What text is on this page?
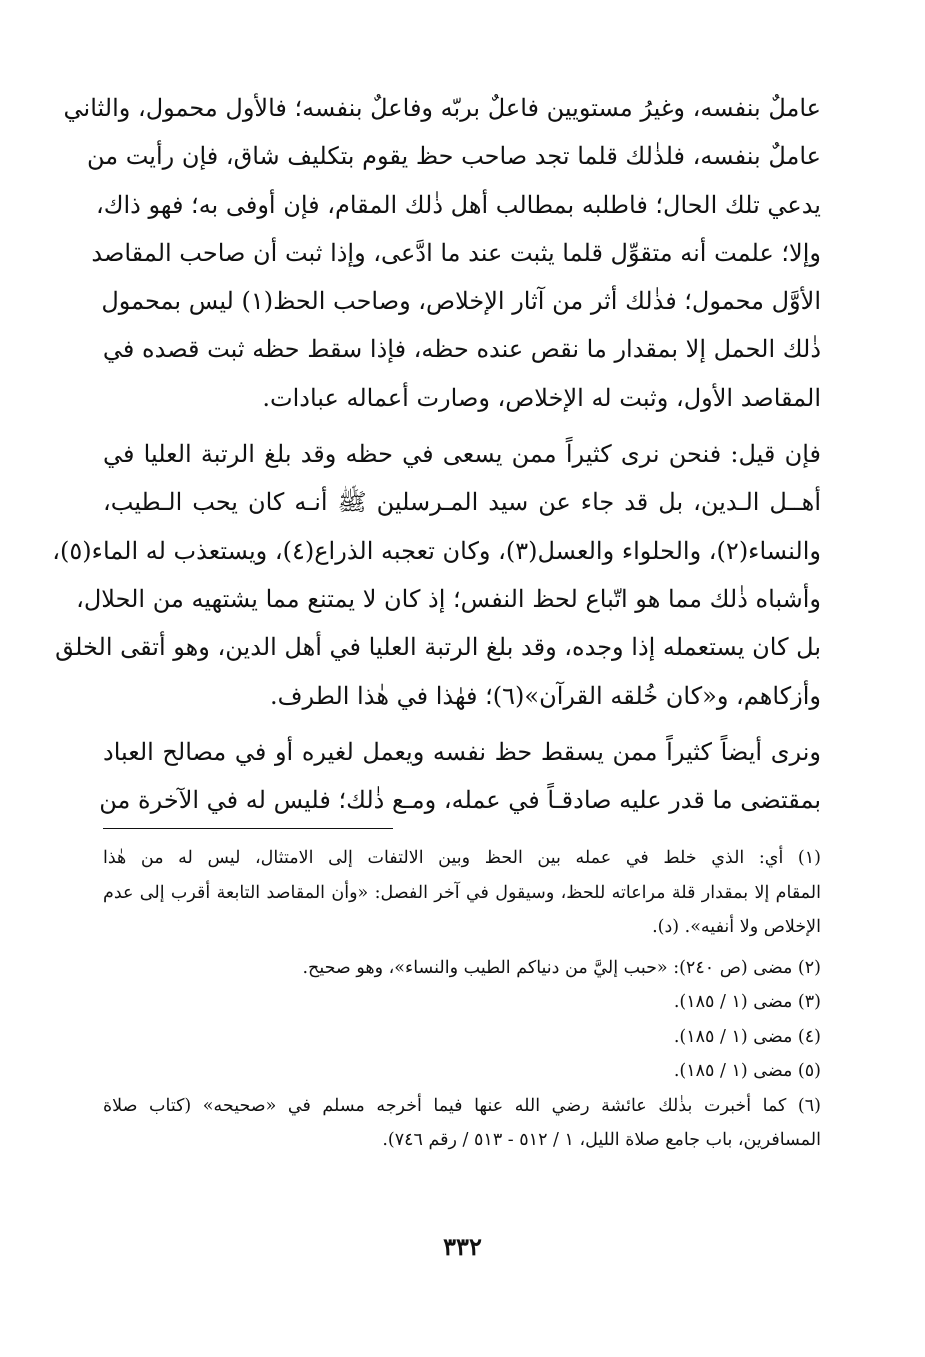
عاملٌ بنفسه، وغيرُ مستويين فاعلٌ بربّه وفاعلٌ بنفسه؛ فالأول محمول، والثاني
عاملٌ بنفسه، فلذٰلك قلما تجد صاحب حظ يقوم بتكليف شاق، فإن رأيت من
يدعي تلك الحال؛ فاطلبه بمطالب أهل ذٰلك المقام، فإن أوفى به؛ فهو ذاك،
وإلا؛ علمت أنه متقوِّل قلما يثبت عند ما ادَّعى، وإذا ثبت أن صاحب المقاصد
الأوَّل محمول؛ فذٰلك أثر من آثار الإخلاص، وصاحب الحظ(١) ليس بمحمول
ذٰلك الحمل إلا بمقدار ما نقص عنده حظه، فإذا سقط حظه ثبت قصده في
المقاصد الأول، وثبت له الإخلاص، وصارت أعماله عبادات.
فإن قيل: فنحن نرى كثيراً ممن يسعى في حظه وقد بلغ الرتبة العليا في
أهــل الـدين، بل قد جاء عن سيد المـرسلين ﷺ أنـه كان يحب الـطيب،
والنساء(٢)، والحلواء والعسل(٣)، وكان تعجبه الذراع(٤)، ويستعذب له الماء(٥)،
وأشباه ذٰلك مما هو اتّباع لحظ النفس؛ إذ كان لا يمتنع مما يشتهيه من الحلال،
بل كان يستعمله إذا وجده، وقد بلغ الرتبة العليا في أهل الدين، وهو أتقى الخلق
وأزكاهم، و«كان خُلقه القرآن»(٦)؛ فهٰذا في هٰذا الطرف.
ونرى أيضاً كثيراً ممن يسقط حظ نفسه ويعمل لغيره أو في مصالح العباد
بمقتضى ما قدر عليه صادقـاً في عمله، ومـع ذٰلك؛ فليس له في الآخرة من
(١) أي: الذي خلط في عمله بين الحظ وبين الالتفات إلى الامتثال، ليس له من هٰذا
المقام إلا بمقدار قلة مراعاته للحظ، وسيقول في آخر الفصل: «وأن المقاصد التابعة أقرب إلى عدم
الإخلاص ولا أنفيه». (د).
(٢) مضى (ص ٢٤٠): «حبب إليَّ من دنياكم الطيب والنساء»، وهو صحيح.
(٣) مضى (١ / ١٨٥).
(٤) مضى (١ / ١٨٥).
(٥) مضى (١ / ١٨٥).
(٦) كما أخبرت بذٰلك عائشة رضي الله عنها فيما أخرجه مسلم في «صحيحه» (كتاب صلاة
المسافرين، باب جامع صلاة الليل، ١ / ٥١٢ - ٥١٣ / رقم ٧٤٦).
٣٣٢
